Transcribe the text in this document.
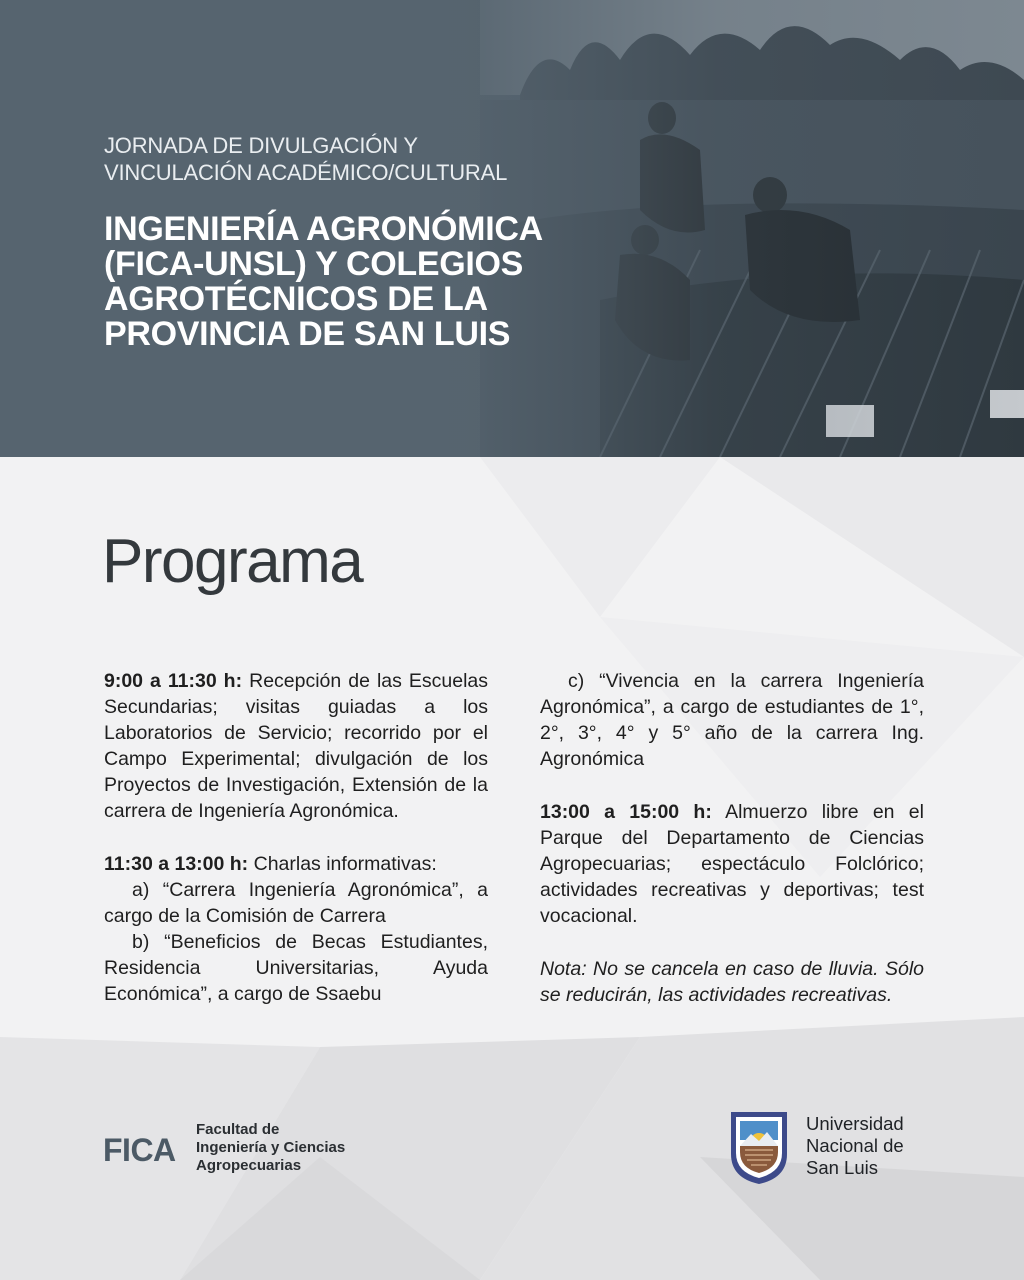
JORNADA DE DIVULGACIÓN Y
VINCULACIÓN ACADÉMICO/CULTURAL
INGENIERÍA AGRONÓMICA
(FICA-UNSL) Y COLEGIOS
AGROTÉCNICOS DE LA
PROVINCIA DE SAN LUIS
Programa

9:00 a 11:30 h: Recepción de las Escuelas Secundarias; visitas guiadas a los Laboratorios de Servicio; recorrido por el Campo Experimental; divulgación de los Proyectos de Investigación, Extensión de la carrera de Ingeniería Agronómica.

11:30 a 13:00 h: Charlas informativas:
a) “Carrera Ingeniería Agronómica”, a cargo de la Comisión de Carrera
b) “Beneficios de Becas Estudiantes, Residencia Universitarias, Ayuda Económica”, a cargo de Ssaebu

c) “Vivencia en la carrera Ingeniería Agronómica”, a cargo de estudiantes de 1°, 2°, 3°, 4° y 5° año de la carrera Ing. Agronómica

13:00 a 15:00 h: Almuerzo libre en el Parque del Departamento de Ciencias Agropecuarias; espectáculo Folclórico; actividades recreativas y deportivas; test vocacional.

Nota: No se cancela en caso de lluvia. Sólo se reducirán, las actividades recreativas.

FICA
Facultad de
Ingeniería y Ciencias
Agropecuarias
Universidad
Nacional de
San Luis
